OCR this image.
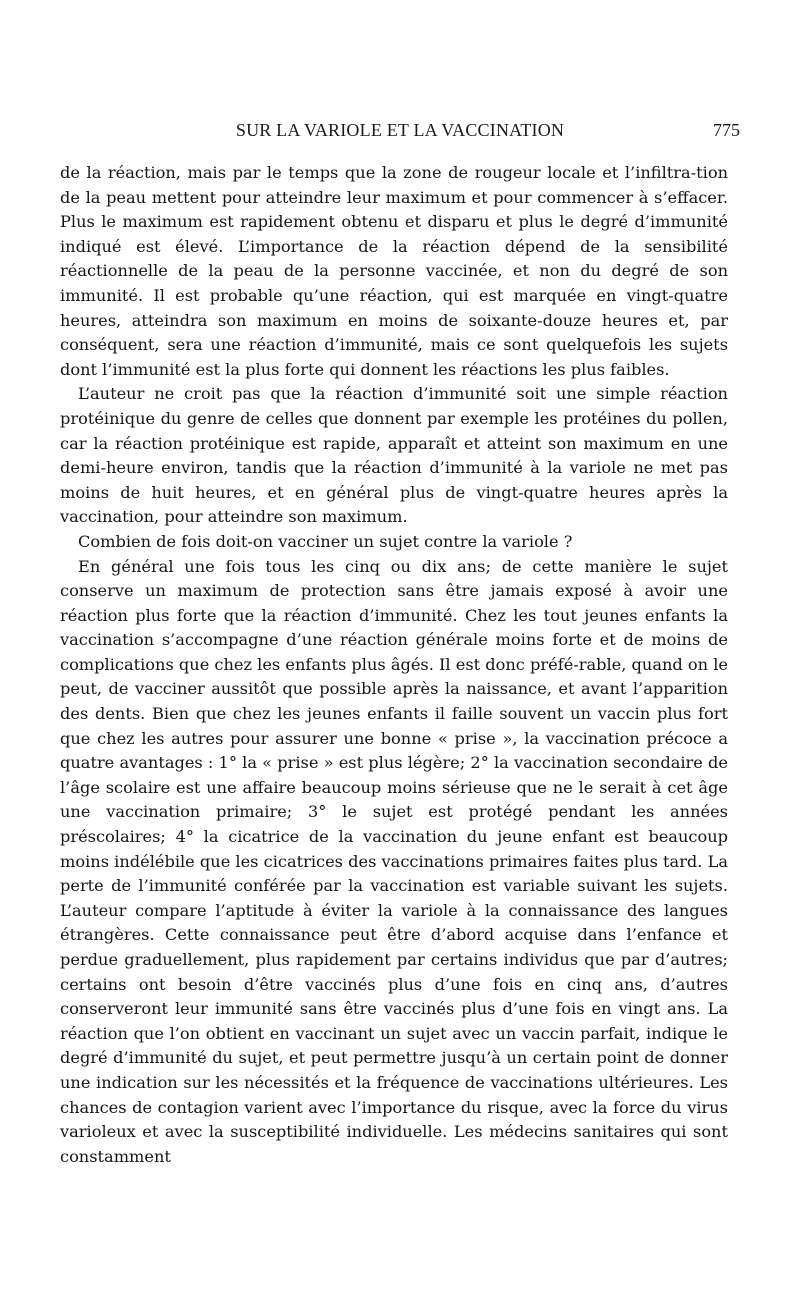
SUR LA VARIOLE ET LA VACCINATION	775

de la réaction, mais par le temps que la zone de rougeur locale et l’infiltra-tion de la peau mettent pour atteindre leur maximum et pour commencer à s’effacer. Plus le maximum est rapidement obtenu et disparu et plus le degré d’immunité indiqué est élevé. L’importance de la réaction dépend de la sensibilité réactionnelle de la peau de la personne vaccinée, et non du degré de son immunité. Il est probable qu’une réaction, qui est marquée en vingt-quatre heures, atteindra son maximum en moins de soixante-douze heures et, par conséquent, sera une réaction d’immunité, mais ce sont quelquefois les sujets dont l’immunité est la plus forte qui donnent les réactions les plus faibles.

L’auteur ne croit pas que la réaction d’immunité soit une simple réaction protéinique du genre de celles que donnent par exemple les protéines du pollen, car la réaction protéinique est rapide, apparaît et atteint son maximum en une demi-heure environ, tandis que la réaction d’immunité à la variole ne met pas moins de huit heures, et en général plus de vingt-quatre heures après la vaccination, pour atteindre son maximum.

Combien de fois doit-on vacciner un sujet contre la variole ?

En général une fois tous les cinq ou dix ans; de cette manière le sujet conserve un maximum de protection sans être jamais exposé à avoir une réaction plus forte que la réaction d’immunité. Chez les tout jeunes enfants la vaccination s’accompagne d’une réaction générale moins forte et de moins de complications que chez les enfants plus âgés. Il est donc préfé-rable, quand on le peut, de vacciner aussitôt que possible après la naissance, et avant l’apparition des dents. Bien que chez les jeunes enfants il faille souvent un vaccin plus fort que chez les autres pour assurer une bonne « prise », la vaccination précoce a quatre avantages : 1° la « prise » est plus légère; 2° la vaccination secondaire de l’âge scolaire est une affaire beaucoup moins sérieuse que ne le serait à cet âge une vaccination primaire; 3° le sujet est protégé pendant les années préscolaires; 4° la cicatrice de la vaccination du jeune enfant est beaucoup moins indélébile que les cicatrices des vaccinations primaires faites plus tard. La perte de l’immunité conférée par la vaccination est variable suivant les sujets. L’auteur compare l’aptitude à éviter la variole à la connaissance des langues étrangères. Cette connaissance peut être d’abord acquise dans l’enfance et perdue graduellement, plus rapidement par certains individus que par d’autres; certains ont besoin d’être vaccinés plus d’une fois en cinq ans, d’autres conserveront leur immunité sans être vaccinés plus d’une fois en vingt ans. La réaction que l’on obtient en vaccinant un sujet avec un vaccin parfait, indique le degré d’immunité du sujet, et peut permettre jusqu’à un certain point de donner une indication sur les nécessités et la fréquence de vaccinations ultérieures. Les chances de contagion varient avec l’importance du risque, avec la force du virus varioleux et avec la susceptibilité individuelle. Les médecins sanitaires qui sont constamment
